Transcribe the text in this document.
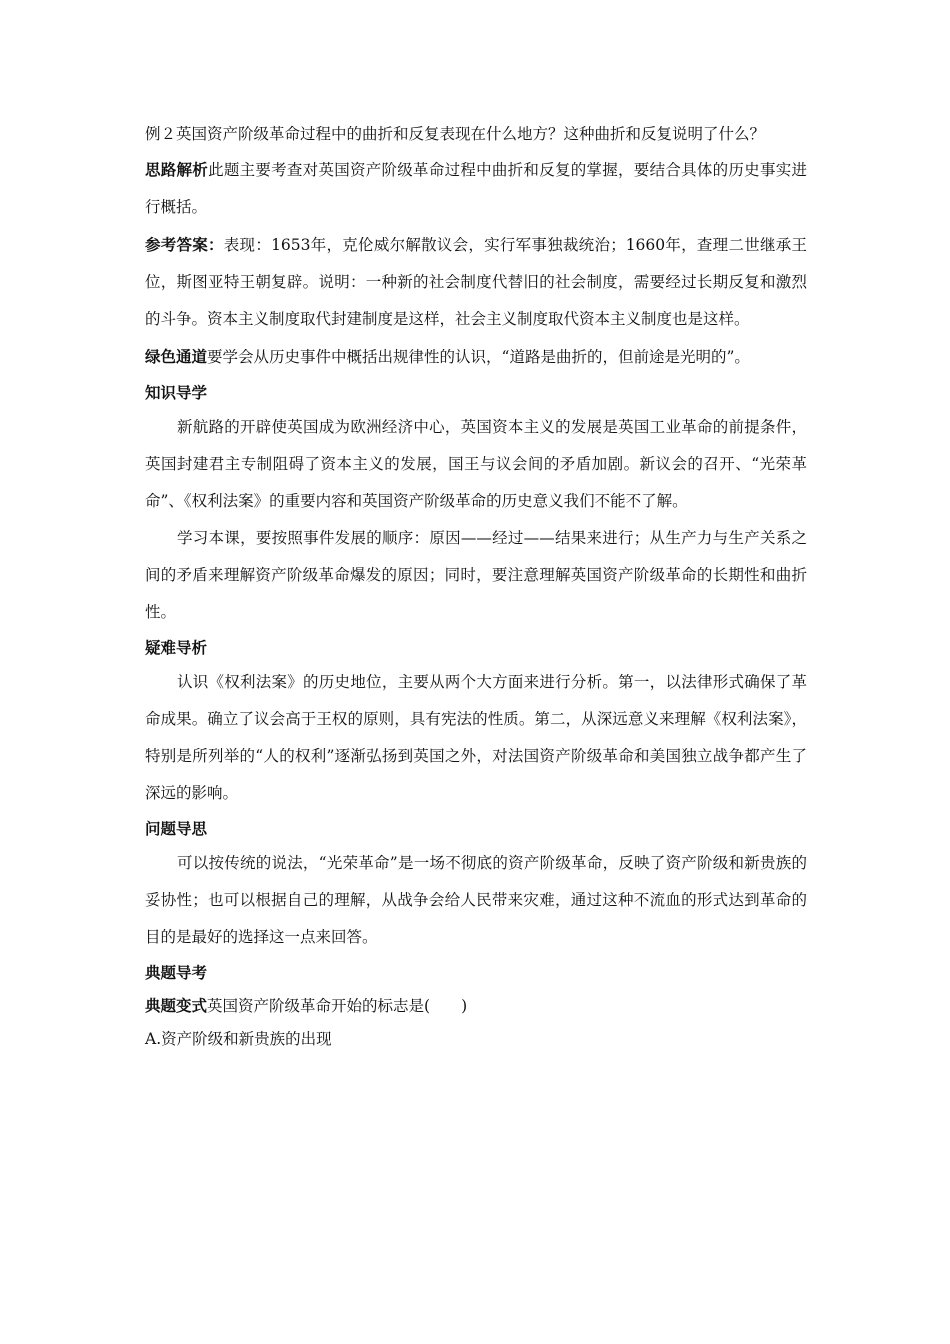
例２英国资产阶级革命过程中的曲折和反复表现在什么地方？这种曲折和反复说明了什么？

思路解析此题主要考查对英国资产阶级革命过程中曲折和反复的掌握，要结合具体的历史事实进行概括。

参考答案：表现：1653年，克伦威尔解散议会，实行军事独裁统治；1660年，查理二世继承王位，斯图亚特王朝复辟。说明：一种新的社会制度代替旧的社会制度，需要经过长期反复和激烈的斗争。资本主义制度取代封建制度是这样，社会主义制度取代资本主义制度也是这样。

绿色通道要学会从历史事件中概括出规律性的认识，“道路是曲折的，但前途是光明的”。

知识导学

新航路的开辟使英国成为欧洲经济中心，英国资本主义的发展是英国工业革命的前提条件，英国封建君主专制阻碍了资本主义的发展，国王与议会间的矛盾加剧。新议会的召开、“光荣革命”、《权利法案》的重要内容和英国资产阶级革命的历史意义我们不能不了解。

学习本课，要按照事件发展的顺序：原因——经过——结果来进行；从生产力与生产关系之间的矛盾来理解资产阶级革命爆发的原因；同时，要注意理解英国资产阶级革命的长期性和曲折性。

疑难导析

认识《权利法案》的历史地位，主要从两个大方面来进行分析。第一，以法律形式确保了革命成果。确立了议会高于王权的原则，具有宪法的性质。第二，从深远意义来理解《权利法案》，特别是所列举的“人的权利”逐渐弘扬到英国之外，对法国资产阶级革命和美国独立战争都产生了深远的影响。

问题导思

可以按传统的说法，“光荣革命”是一场不彻底的资产阶级革命，反映了资产阶级和新贵族的妥协性；也可以根据自己的理解，从战争会给人民带来灾难，通过这种不流血的形式达到革命的目的是最好的选择这一点来回答。

典题导考

典题变式英国资产阶级革命开始的标志是(　　)

A.资产阶级和新贵族的出现
